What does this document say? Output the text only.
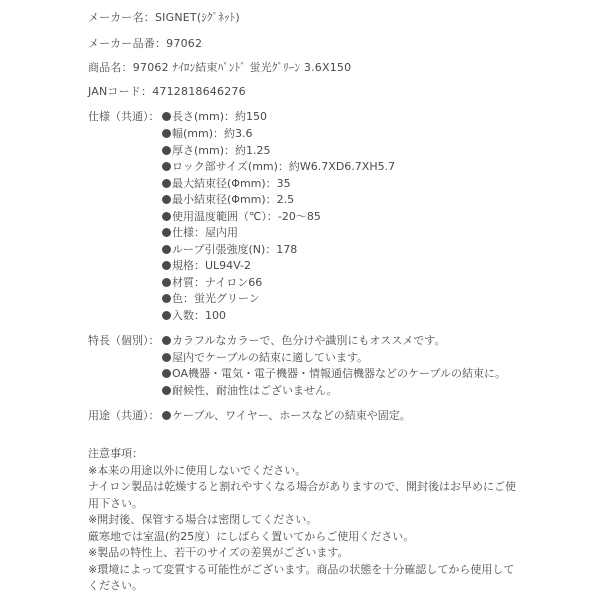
メーカー名：SIGNET(ｼｸﾞﾈｯﾄ)
メーカー品番：97062
商品名：97062 ﾅｲﾛﾝ結束ﾊﾞﾝﾄﾞ 蛍光ｸﾞﾘｰﾝ 3.6X150
JANコード：4712818646276
仕様（共通）：	長さ(mm)：約150
幅(mm)：約3.6
厚さ(mm)：約1.25
ロック部サイズ(mm)：約W6.7XD6.7XH5.7
最大結束径(Φmm)：35
最小結束径(Φmm)：2.5
使用温度範囲（℃）：-20～85
仕様：屋内用
ループ引張強度(N)：178
規格：UL94V-2
材質：ナイロン66
色：蛍光グリーン
入数：100
特長（個別）：	カラフルなカラーで、色分けや識別にもオススメです。
屋内でケーブルの結束に適しています。
OA機器・電気・電子機器・情報通信機器などのケーブルの結束に。
耐候性、耐油性はございません。
用途（共通）：	ケーブル、ワイヤー、ホースなどの結束や固定。
注意事項：
※本来の用途以外に使用しないでください。
ナイロン製品は乾燥すると割れやすくなる場合がありますので、開封後はお早めにご使
用下さい。
※開封後、保管する場合は密閉してください。
厳寒地では室温(約25度）にしばらく置いてからご使用ください。
※製品の特性上、若干のサイズの差異がございます。
※環境によって変質する可能性がございます。商品の状態を十分確認してから使用して
ください。
